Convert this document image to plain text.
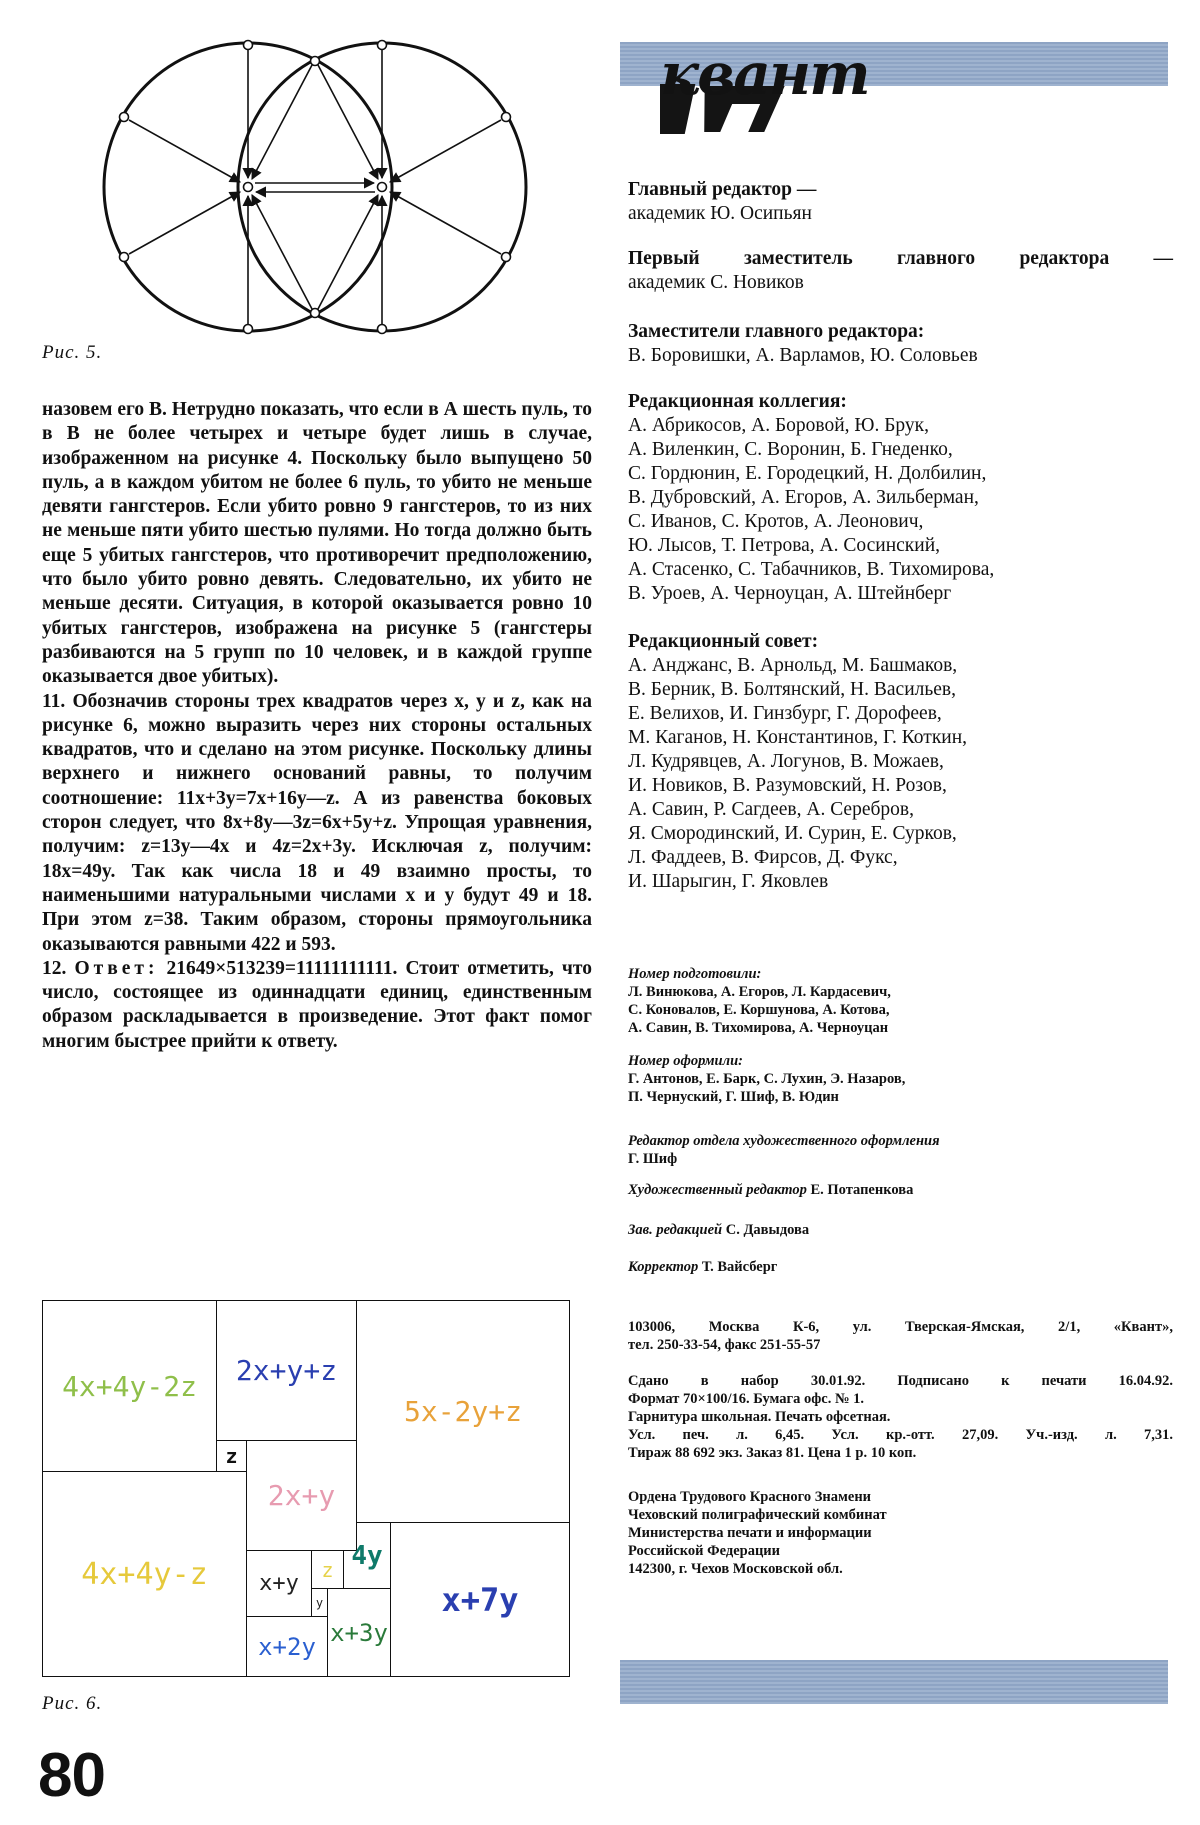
Рис. 5.

назовем его В. Нетрудно показать, что если в А шесть пуль, то в В не более четырех и четыре будет лишь в случае, изображенном на рисунке 4. Поскольку было выпущено 50 пуль, а в каждом убитом не более 6 пуль, то убито не меньше девяти гангстеров. Если убито ровно 9 гангстеров, то из них не меньше пяти убито шестью пулями. Но тогда должно быть еще 5 убитых гангстеров, что противоречит предположению, что было убито ровно девять. Следовательно, их убито не меньше десяти. Ситуация, в которой оказывается ровно 10 убитых гангстеров, изображена на рисунке 5 (гангстеры разбиваются на 5 групп по 10 человек, и в каждой группе оказывается двое убитых).

11. Обозначив стороны трех квадратов через x, y и z, как на рисунке 6, можно выразить через них стороны остальных квадратов, что и сделано на этом рисунке. Поскольку длины верхнего и нижнего оснований равны, то получим соотношение: 11x+3y=7x+16y—z. А из равенства боковых сторон следует, что 8x+8y—3z=6x+5y+z. Упрощая уравнения, получим: z=13y—4x и 4z=2x+3y. Исключая z, получим: 18x=49y. Так как числа 18 и 49 взаимно просты, то наименьшими натуральными числами x и y будут 49 и 18. При этом z=38. Таким образом, стороны прямоугольника оказываются равными 422 и 593.

12. Ответ: 21649×513239=11111111111. Стоит отметить, что число, состоящее из одиннадцати единиц, единственным образом раскладывается в произведение. Этот факт помог многим быстрее прийти к ответу.

4x+4y-2z 2x+y+z
5x-2y+z
z
2x+y
4x+4y-z x+y
z 4y
y	x+7y
x+2y x+3y
Рис. 6.
80
квант
Главный редактор —
академик Ю. Осипьян
Первый заместитель главного редактора —
академик С. Новиков
Заместители главного редактора:
В. Боровишки, А. Варламов, Ю. Соловьев
Редакционная коллегия:
А. Абрикосов, А. Боровой, Ю. Брук,
А. Виленкин, С. Воронин, Б. Гнеденко,
С. Гордюнин, Е. Городецкий, Н. Долбилин,
В. Дубровский, А. Егоров, А. Зильберман,
С. Иванов, С. Кротов, А. Леонович,
Ю. Лысов, Т. Петрова, А. Сосинский,
А. Стасенко, С. Табачников, В. Тихомирова,
В. Уроев, А. Черноуцан, А. Штейнберг
Редакционный совет:
А. Анджанс, В. Арнольд, М. Башмаков,
В. Берник, В. Болтянский, Н. Васильев,
Е. Велихов, И. Гинзбург, Г. Дорофеев,
М. Каганов, Н. Константинов, Г. Коткин,
Л. Кудрявцев, А. Логунов, В. Можаев,
И. Новиков, В. Разумовский, Н. Розов,
А. Савин, Р. Сагдеев, А. Серебров,
Я. Смородинский, И. Сурин, Е. Сурков,
Л. Фаддеев, В. Фирсов, Д. Фукс,
И. Шарыгин, Г. Яковлев
Номер подготовили:
Л. Винюкова, А. Егоров, Л. Кардасевич,
С. Коновалов, Е. Коршунова, А. Котова,
А. Савин, В. Тихомирова, А. Черноуцан
Номер оформили:
Г. Антонов, Е. Барк, С. Лухин, Э. Назаров,
П. Чернуский, Г. Шиф, В. Юдин
Редактор отдела художественного оформления
Г. Шиф
Художественный редактор Е. Потапенкова
Зав. редакцией С. Давыдова
Корректор Т. Вайсберг
103006, Москва К-6, ул. Тверская-Ямская, 2/1, «Квант»,
тел. 250-33-54, факс 251-55-57
Сдано в набор 30.01.92. Подписано к печати 16.04.92.
Формат 70×100/16. Бумага офс. № 1.
Гарнитура школьная. Печать офсетная.
Усл. печ. л. 6,45. Усл. кр.-отт. 27,09. Уч.-изд. л. 7,31.
Тираж 88 692 экз. Заказ 81. Цена 1 р. 10 коп.
Ордена Трудового Красного Знамени
Чеховский полиграфический комбинат
Министерства печати и информации
Российской Федерации
142300, г. Чехов Московской обл.
